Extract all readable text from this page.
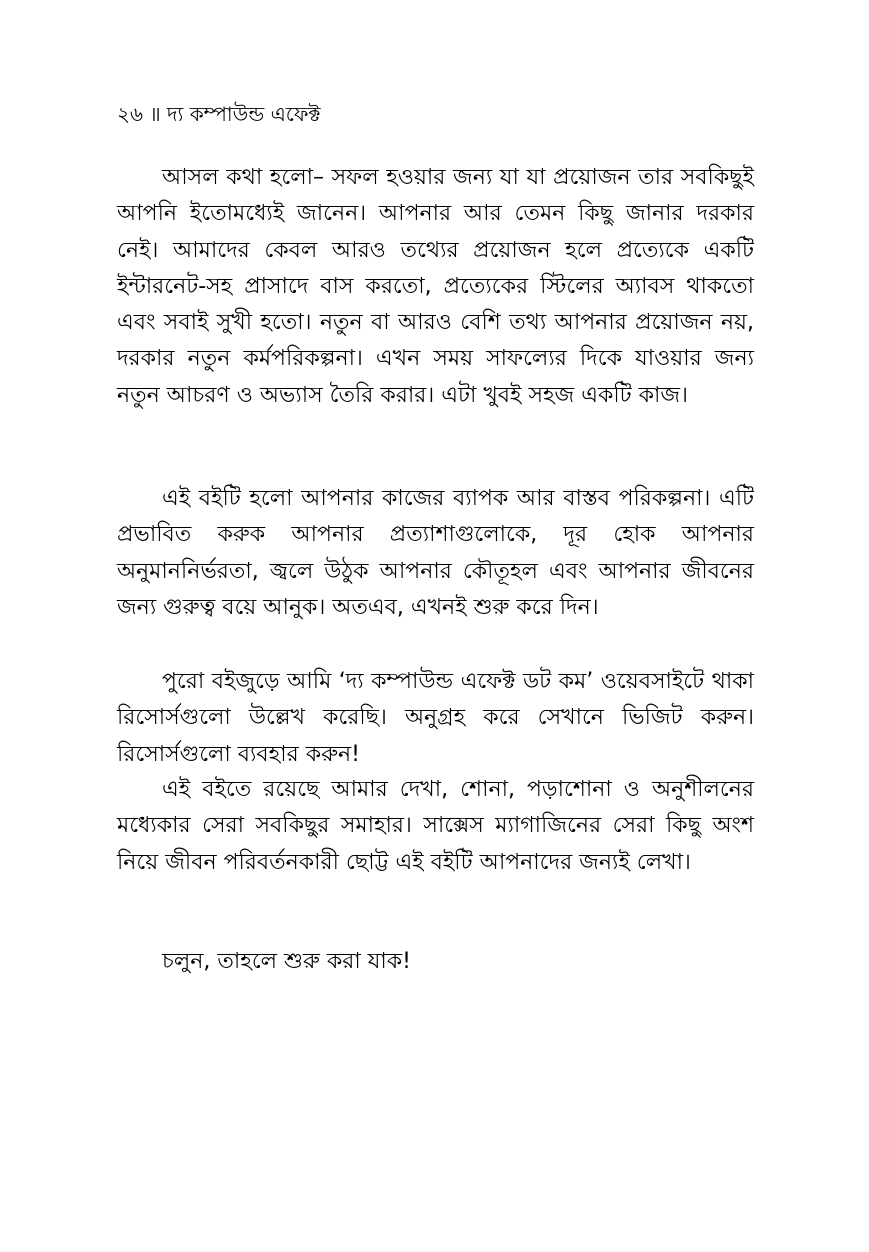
২৬ ॥ দ্য কম্পাউন্ড এফেক্ট

আসল কথা হলো– সফল হওয়ার জন্য যা যা প্রয়োজন তার সবকিছুই আপনি ইতোমধ্যেই জানেন। আপনার আর তেমন কিছু জানার দরকার নেই। আমাদের কেবল আরও তথ্যের প্রয়োজন হলে প্রত্যেকে একটি ইন্টারনেট-সহ প্রাসাদে বাস করতো, প্রত্যেকের স্টিলের অ্যাবস থাকতো এবং সবাই সুখী হতো। নতুন বা আরও বেশি তথ্য আপনার প্রয়োজন নয়, দরকার নতুন কর্মপরিকল্পনা। এখন সময় সাফল্যের দিকে যাওয়ার জন্য নতুন আচরণ ও অভ্যাস তৈরি করার। এটা খুবই সহজ একটি কাজ।

এই বইটি হলো আপনার কাজের ব্যাপক আর বাস্তব পরিকল্পনা। এটি প্রভাবিত করুক আপনার প্রত্যাশাগুলোকে, দূর হোক আপনার অনুমাননির্ভরতা, জ্বলে উঠুক আপনার কৌতূহল এবং আপনার জীবনের জন্য গুরুত্ব বয়ে আনুক। অতএব, এখনই শুরু করে দিন।

পুরো বইজুড়ে আমি ‘দ্য কম্পাউন্ড এফেক্ট ডট কম’ ওয়েবসাইটে থাকা রিসোর্সগুলো উল্লেখ করেছি। অনুগ্রহ করে সেখানে ভিজিট করুন। রিসোর্সগুলো ব্যবহার করুন!

এই বইতে রয়েছে আমার দেখা, শোনা, পড়াশোনা ও অনুশীলনের মধ্যেকার সেরা সবকিছুর সমাহার। সাক্সেস ম্যাগাজিনের সেরা কিছু অংশ নিয়ে জীবন পরিবর্তনকারী ছোট্ট এই বইটি আপনাদের জন্যই লেখা।

চলুন, তাহলে শুরু করা যাক!
